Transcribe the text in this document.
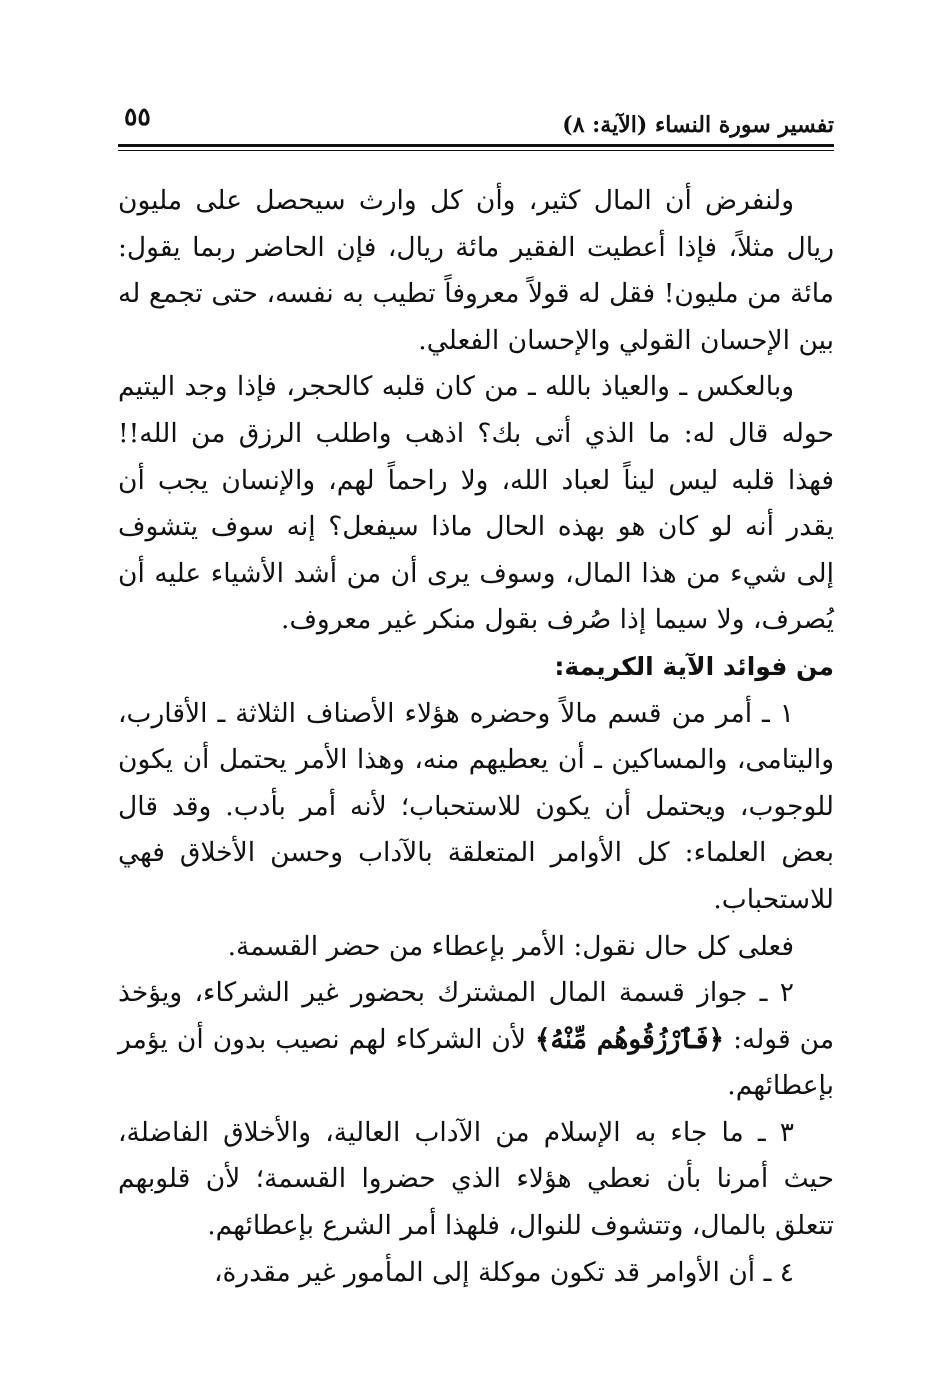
تفسير سورة النساء (الآية: ٨)
٥٥

ولنفرض أن المال كثير، وأن كل وارث سيحصل على مليون ريال مثلاً، فإذا أعطيت الفقير مائة ريال، فإن الحاضر ربما يقول: مائة من مليون! فقل له قولاً معروفاً تطيب به نفسه، حتى تجمع له بين الإحسان القولي والإحسان الفعلي.

وبالعكس ـ والعياذ بالله ـ من كان قلبه كالحجر، فإذا وجد اليتيم حوله قال له: ما الذي أتى بك؟ اذهب واطلب الرزق من الله!! فهذا قلبه ليس ليناً لعباد الله، ولا راحماً لهم، والإنسان يجب أن يقدر أنه لو كان هو بهذه الحال ماذا سيفعل؟ إنه سوف يتشوف إلى شيء من هذا المال، وسوف يرى أن من أشد الأشياء عليه أن يُصرف، ولا سيما إذا صُرف بقول منكر غير معروف.

من فوائد الآية الكريمة:

١ ـ أمر من قسم مالاً وحضره هؤلاء الأصناف الثلاثة ـ الأقارب، واليتامى، والمساكين ـ أن يعطيهم منه، وهذا الأمر يحتمل أن يكون للوجوب، ويحتمل أن يكون للاستحباب؛ لأنه أمر بأدب. وقد قال بعض العلماء: كل الأوامر المتعلقة بالآداب وحسن الأخلاق فهي للاستحباب.

فعلى كل حال نقول: الأمر بإعطاء من حضر القسمة.

٢ ـ جواز قسمة المال المشترك بحضور غير الشركاء، ويؤخذ من قوله: ﴿فَٱرْزُقُوهُم مِّنْهُ﴾ لأن الشركاء لهم نصيب بدون أن يؤمر بإعطائهم.

٣ ـ ما جاء به الإسلام من الآداب العالية، والأخلاق الفاضلة، حيث أمرنا بأن نعطي هؤلاء الذي حضروا القسمة؛ لأن قلوبهم تتعلق بالمال، وتتشوف للنوال، فلهذا أمر الشرع بإعطائهم.

٤ ـ أن الأوامر قد تكون موكلة إلى المأمور غير مقدرة،
